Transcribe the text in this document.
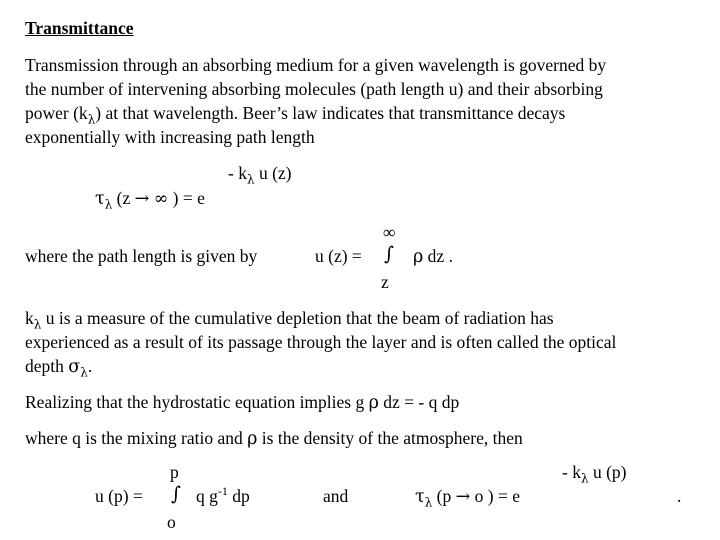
Transmittance
Transmission through an absorbing medium for a given wavelength is governed by
the number of intervening absorbing molecules (path length u) and their absorbing
power $(k_\lambda)$ at that wavelength. Beer’s law indicates that transmittance decays
exponentially with increasing path length
- $k_\lambda$ u (z)
$\tau_\lambda$ (z → ∞ ) = e
∞
where the path length is given by	u (z) = ∫ ρ dz .
z
$k_\lambda$ u is a measure of the cumulative depletion that the beam of radiation has
experienced as a result of its passage through the layer and is often called the optical
depth $\sigma_\lambda$.
Realizing that the hydrostatic equation implies g ρ dz = - q dp
where q is the mixing ratio and ρ is the density of the atmosphere, then
p	- $k_\lambda$ u (p)
u (p) = ∫ q $g^{-1}$ dp	and	$\tau_\lambda$ (p → o ) = e	.
o
